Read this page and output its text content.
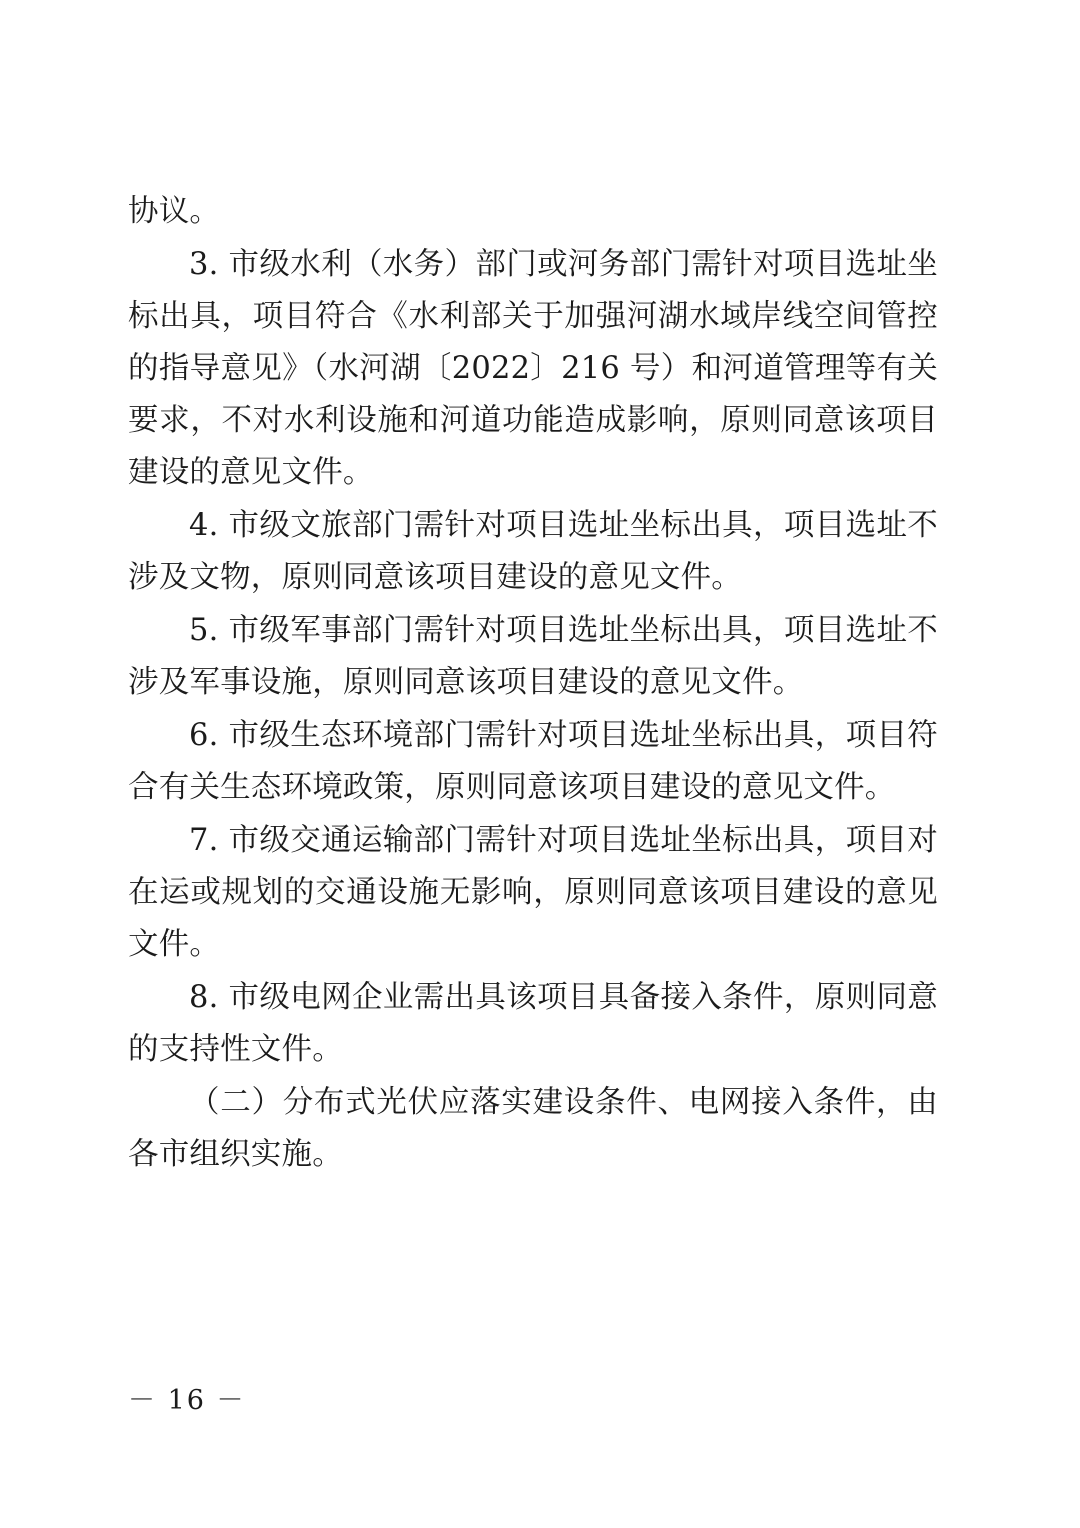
协议。

3. 市级水利（水务）部门或河务部门需针对项目选址坐标出具，项目符合《水利部关于加强河湖水域岸线空间管控的指导意见》（水河湖〔2022〕216 号）和河道管理等有关要求，不对水利设施和河道功能造成影响，原则同意该项目建设的意见文件。

4. 市级文旅部门需针对项目选址坐标出具，项目选址不涉及文物，原则同意该项目建设的意见文件。

5. 市级军事部门需针对项目选址坐标出具，项目选址不涉及军事设施，原则同意该项目建设的意见文件。

6. 市级生态环境部门需针对项目选址坐标出具，项目符合有关生态环境政策，原则同意该项目建设的意见文件。

7. 市级交通运输部门需针对项目选址坐标出具，项目对在运或规划的交通设施无影响，原则同意该项目建设的意见文件。

8. 市级电网企业需出具该项目具备接入条件，原则同意的支持性文件。

（二）分布式光伏应落实建设条件、电网接入条件，由各市组织实施。

－ 16 －
